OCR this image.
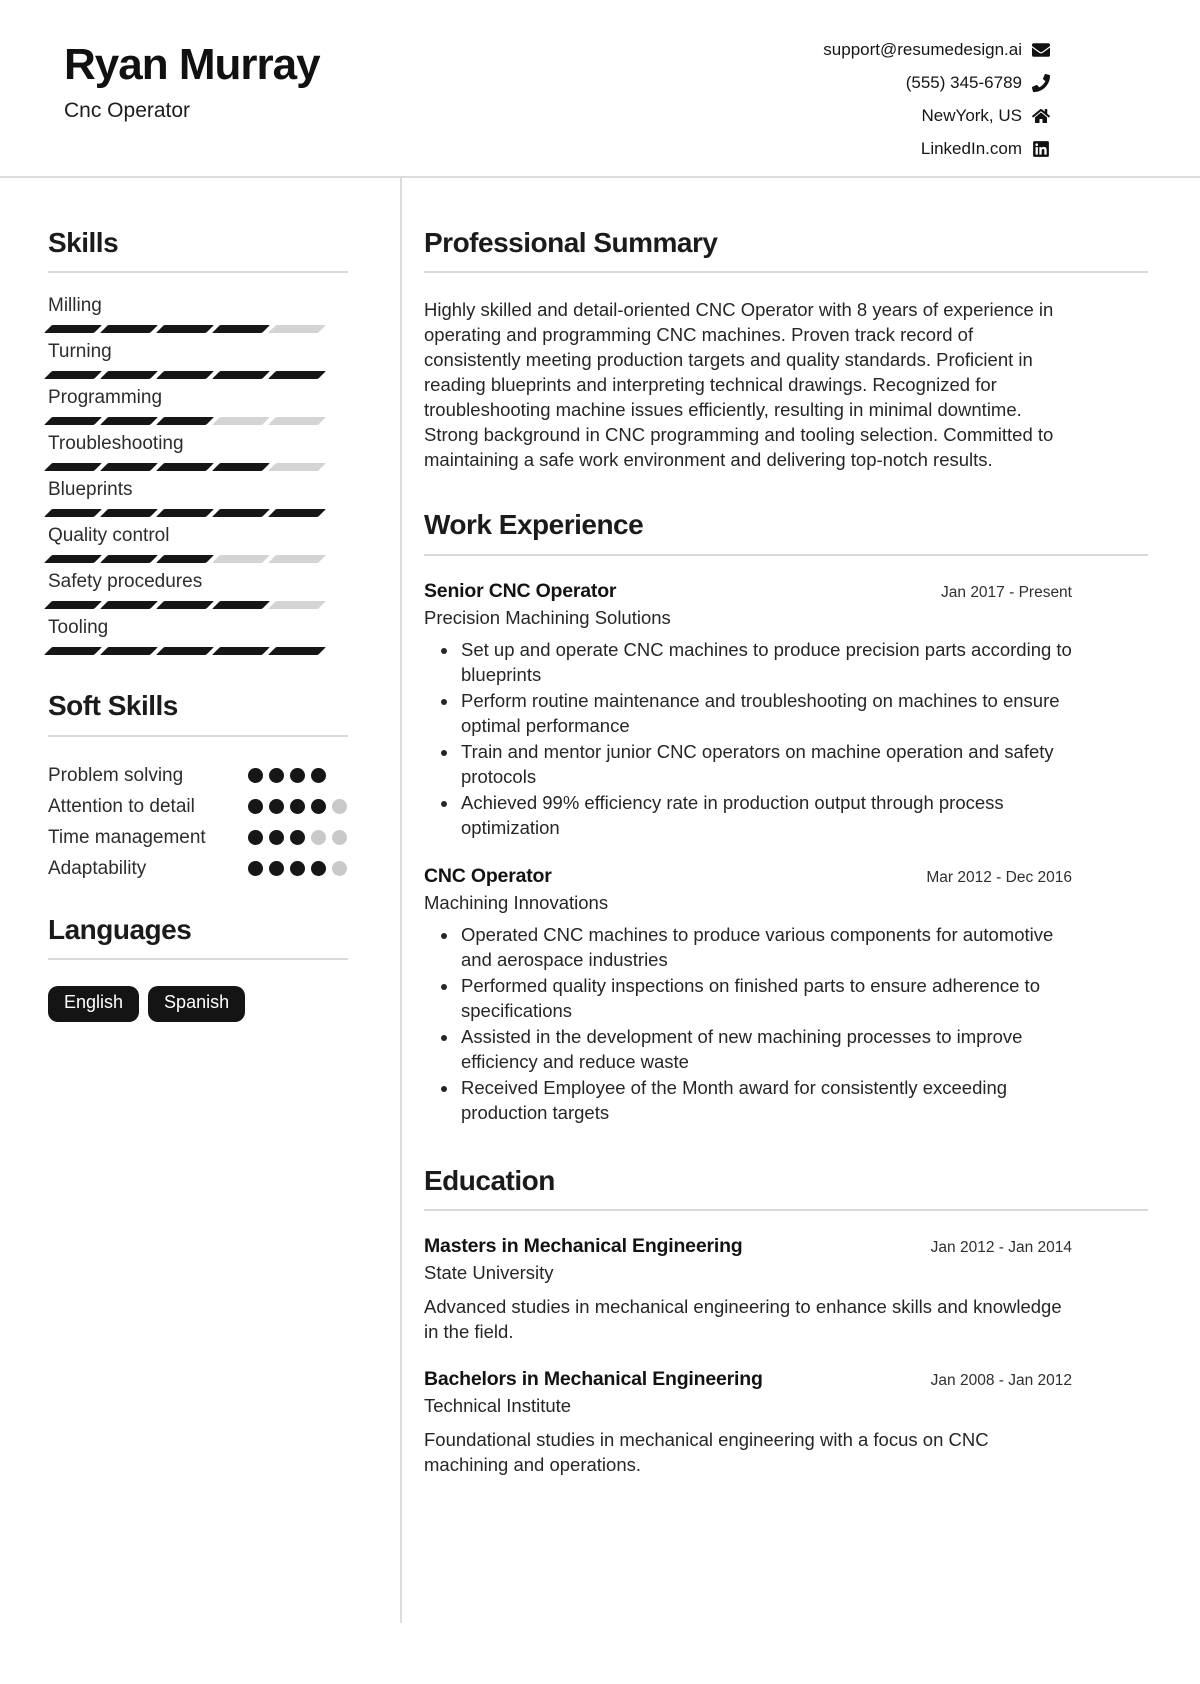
Ryan Murray
Cnc Operator
support@resumedesign.ai
(555) 345-6789
NewYork, US
LinkedIn.com
Skills
Milling
Turning
Programming
Troubleshooting
Blueprints
Quality control
Safety procedures
Tooling
Soft Skills
Problem solving
Attention to detail
Time management
Adaptability
Languages
English	Spanish
Professional Summary

Highly skilled and detail-oriented CNC Operator with 8 years of experience in operating and programming CNC machines. Proven track record of consistently meeting production targets and quality standards. Proficient in reading blueprints and interpreting technical drawings. Recognized for troubleshooting machine issues efficiently, resulting in minimal downtime. Strong background in CNC programming and tooling selection. Committed to maintaining a safe work environment and delivering top-notch results.

Work Experience
Senior CNC Operator	Jan 2017 - Present
Precision Machining Solutions
• Set up and operate CNC machines to produce precision parts according to blueprints
• Perform routine maintenance and troubleshooting on machines to ensure optimal performance
• Train and mentor junior CNC operators on machine operation and safety protocols
• Achieved 99% efficiency rate in production output through process optimization
CNC Operator	Mar 2012 - Dec 2016
Machining Innovations
• Operated CNC machines to produce various components for automotive and aerospace industries
• Performed quality inspections on finished parts to ensure adherence to specifications
• Assisted in the development of new machining processes to improve efficiency and reduce waste
• Received Employee of the Month award for consistently exceeding production targets
Education
Masters in Mechanical Engineering	Jan 2012 - Jan 2014
State University

Advanced studies in mechanical engineering to enhance skills and knowledge in the field.

Bachelors in Mechanical Engineering	Jan 2008 - Jan 2012
Technical Institute

Foundational studies in mechanical engineering with a focus on CNC machining and operations.
